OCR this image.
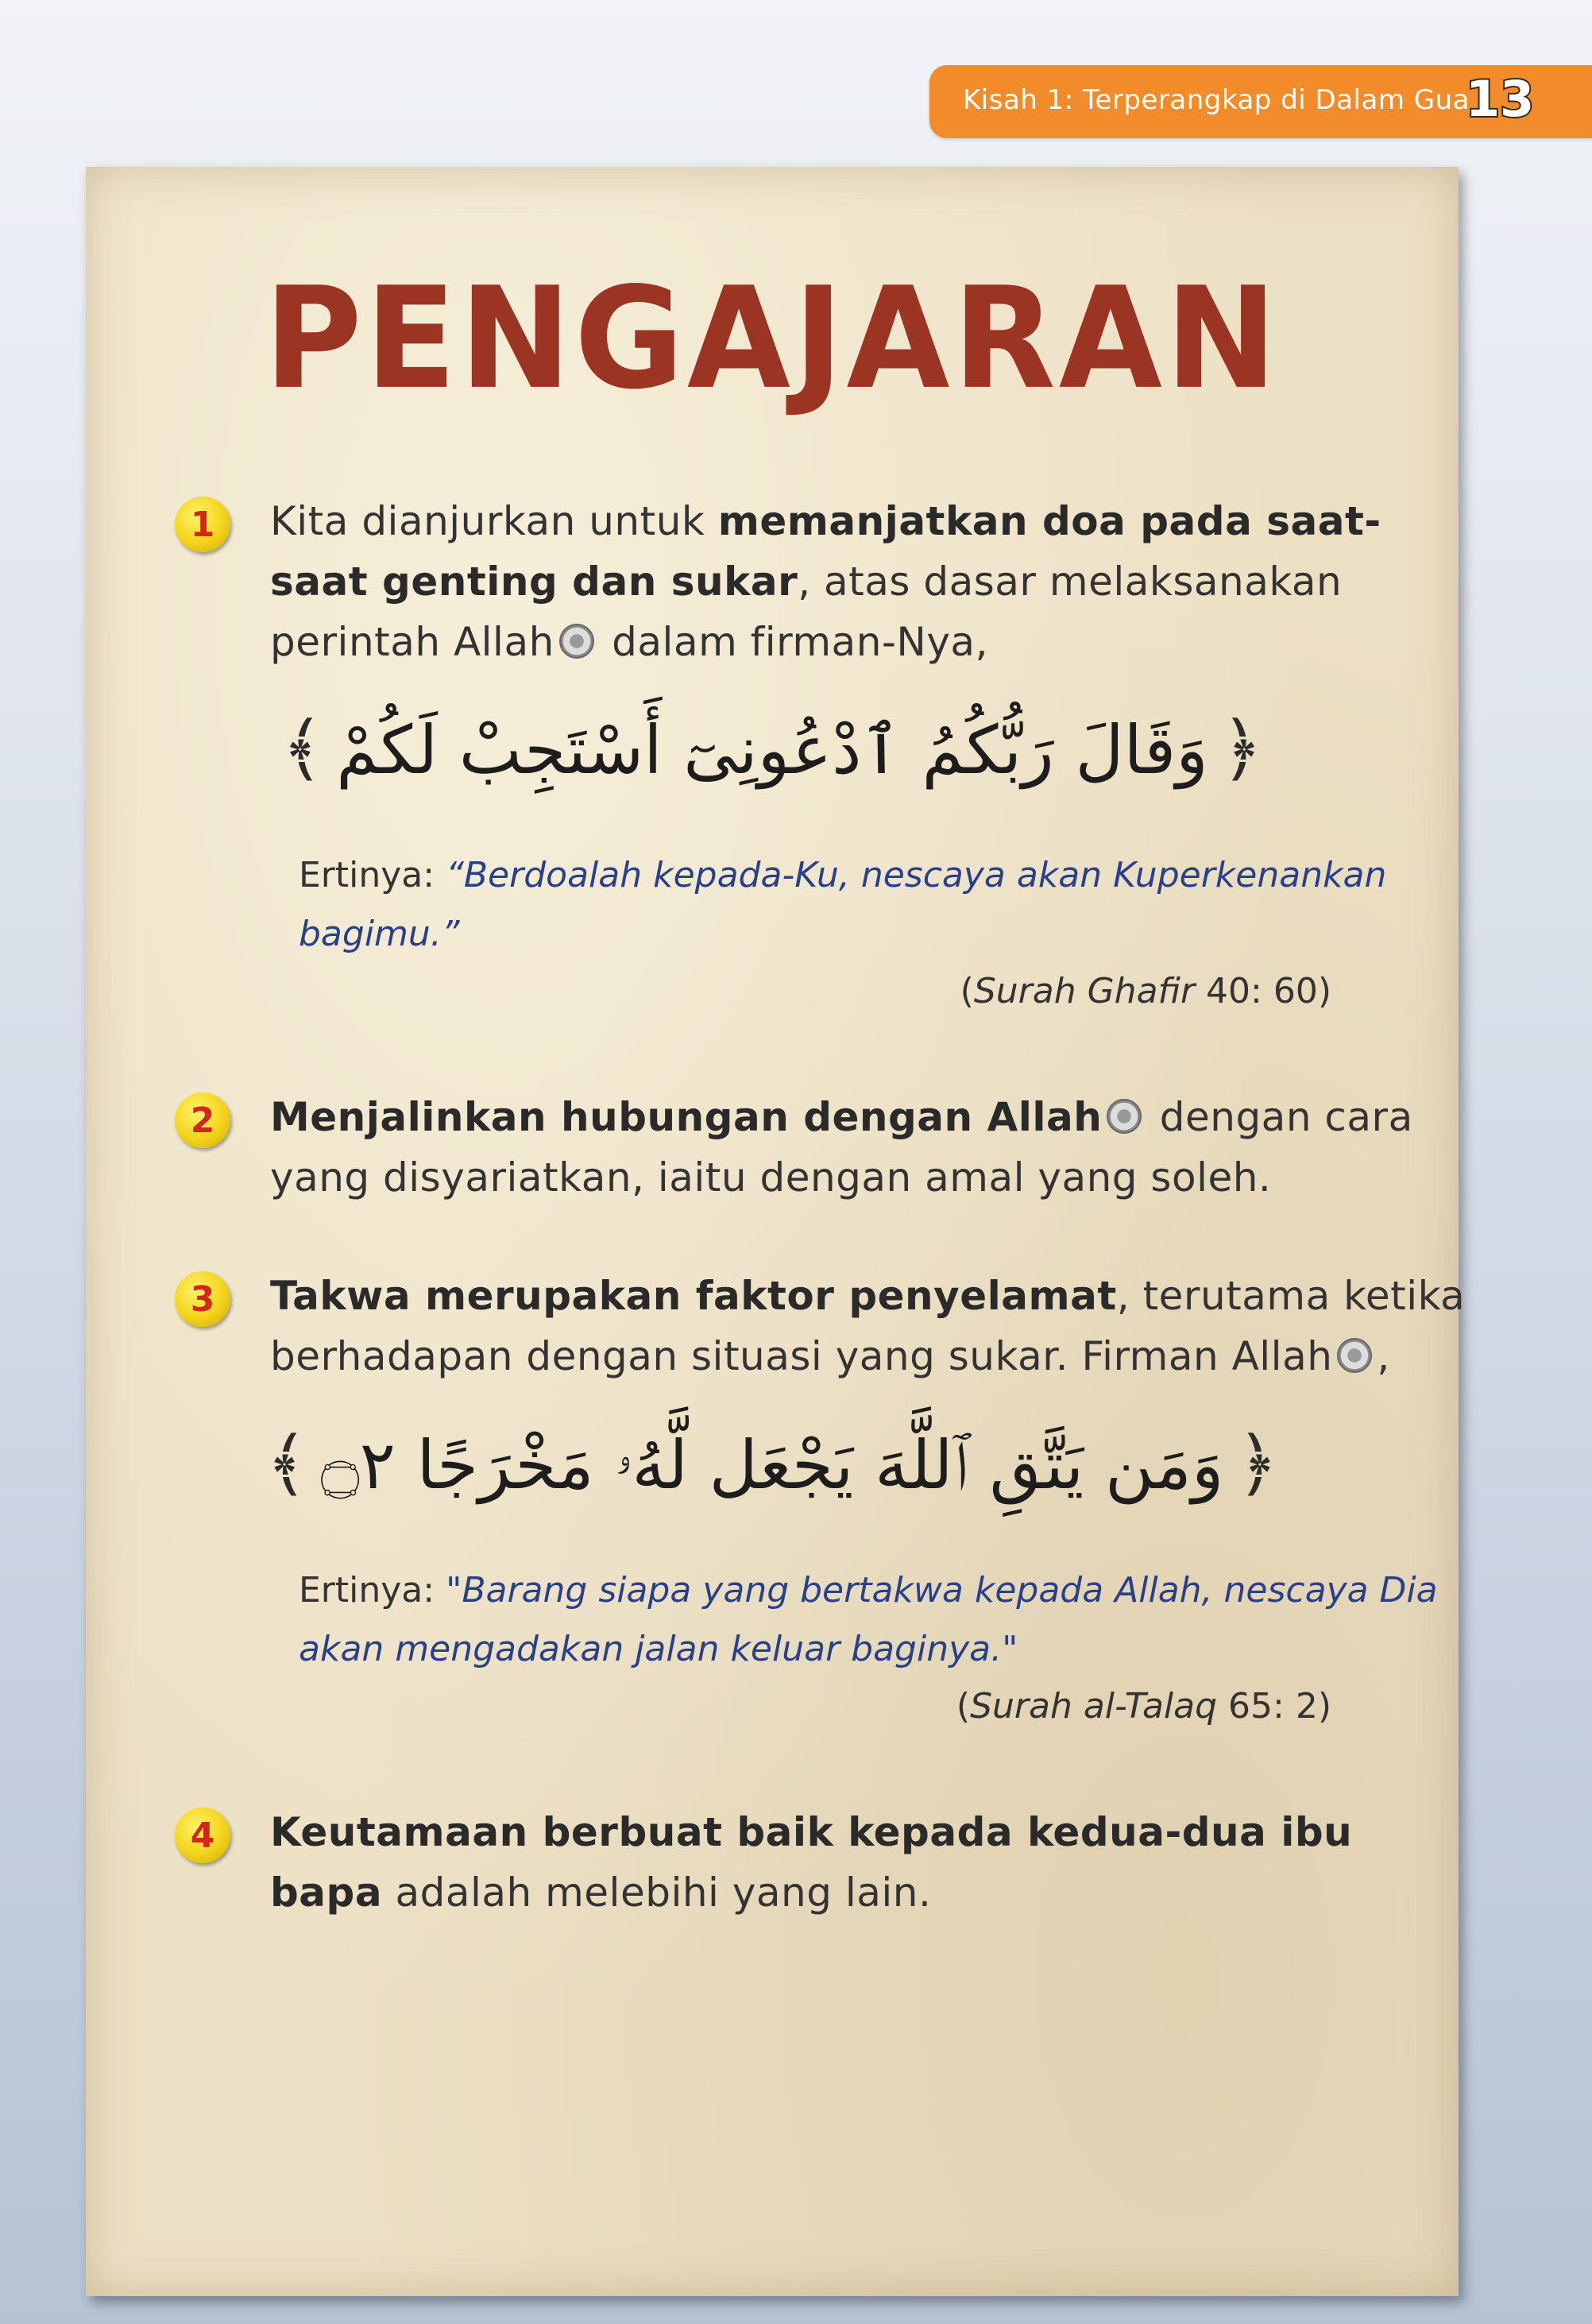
Kisah 1: Terperangkap di Dalam Gua
13
PENGAJARAN
1	Kita dianjurkan untuk memanjatkan doa pada saat-saat genting dan sukar, atas dasar melaksanakan perintah Allah dalam firman-Nya,
﴿وَقَالَ رَبُّكُمُ ٱدْعُونِىٓ أَسْتَجِبْ لَكُمْ﴾
Ertinya: “Berdoalah kepada-Ku, nescaya akan Kuperkenankan bagimu.”
(Surah Ghafir 40: 60)
2	Menjalinkan hubungan dengan Allah dengan cara yang disyariatkan, iaitu dengan amal yang soleh.
3	Takwa merupakan faktor penyelamat, terutama ketika berhadapan dengan situasi yang sukar. Firman Allah ,
﴿وَمَن يَتَّقِ ٱللَّهَ يَجْعَل لَّهُۥ مَخْرَجًا ۝٢﴾
Ertinya: "Barang siapa yang bertakwa kepada Allah, nescaya Dia akan mengadakan jalan keluar baginya."
(Surah al-Talaq 65: 2)
4	Keutamaan berbuat baik kepada kedua-dua ibu bapa adalah melebihi yang lain.
